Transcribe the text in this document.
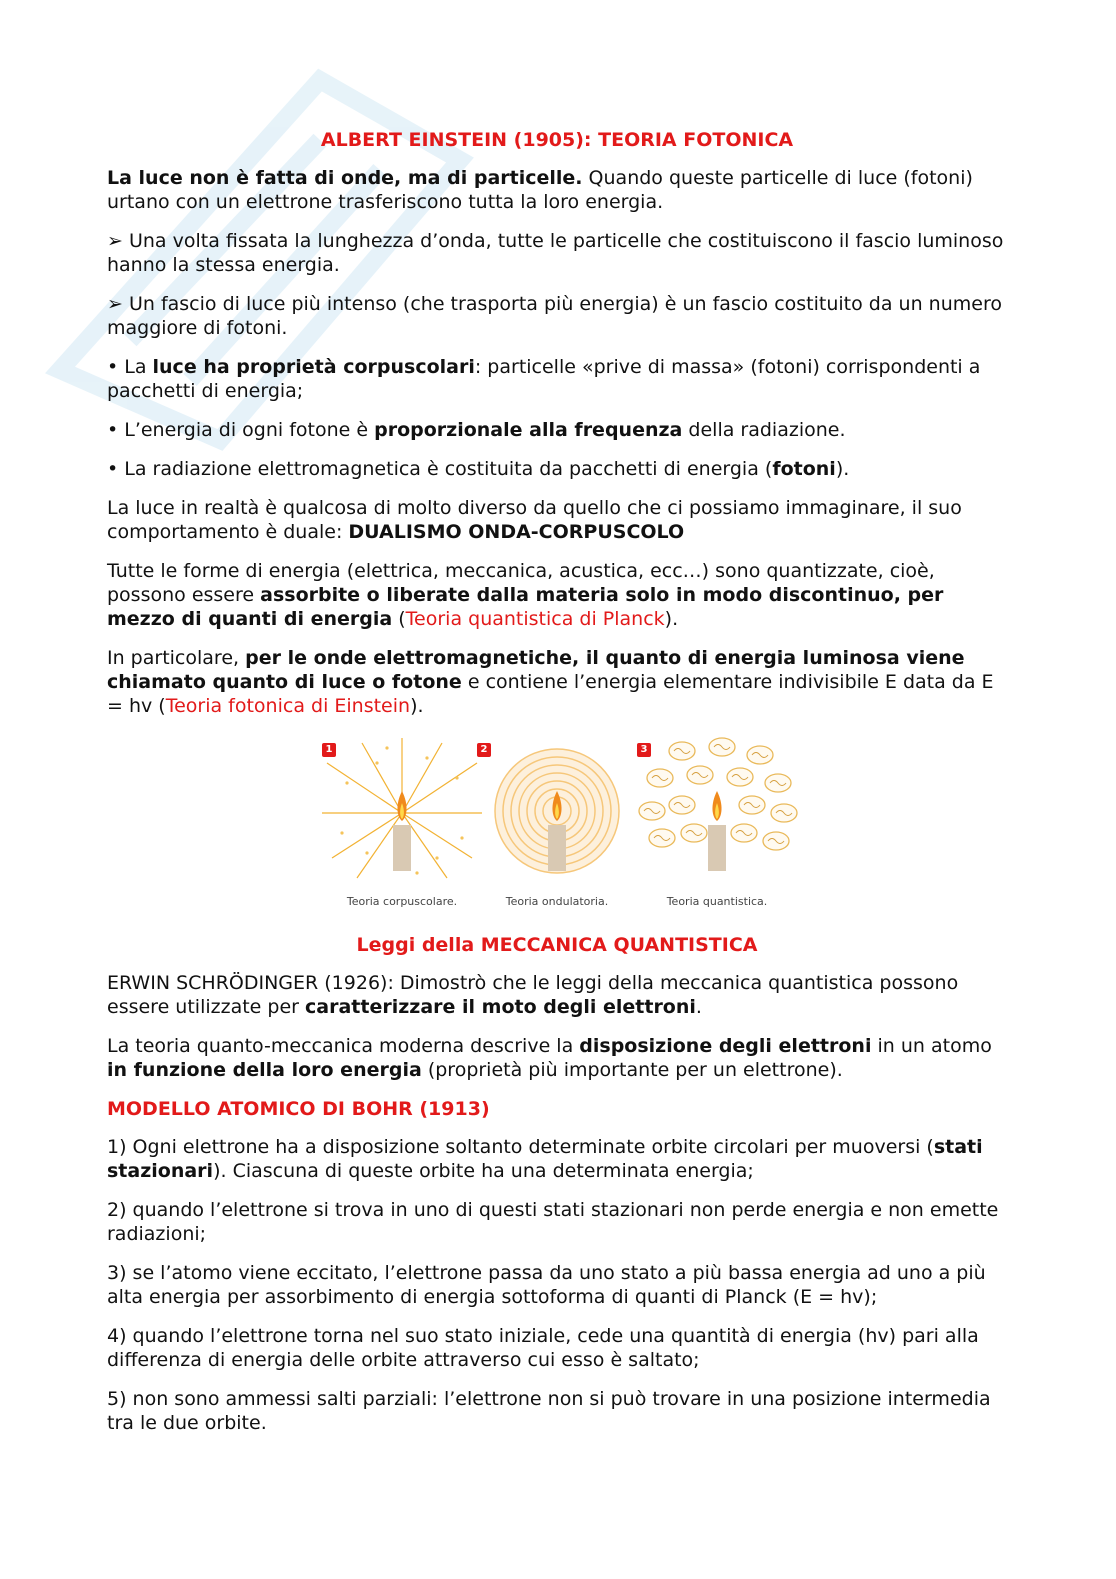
ALBERT EINSTEIN (1905): TEORIA FOTONICA

La luce non è fatta di onde, ma di particelle. Quando queste particelle di luce (fotoni) urtano con un elettrone trasferiscono tutta la loro energia.

➢ Una volta fissata la lunghezza d’onda, tutte le particelle che costituiscono il fascio luminoso hanno la stessa energia.

➢ Un fascio di luce più intenso (che trasporta più energia) è un fascio costituito da un numero maggiore di fotoni.

• La luce ha proprietà corpuscolari: particelle «prive di massa» (fotoni) corrispondenti a pacchetti di energia;

• L’energia di ogni fotone è proporzionale alla frequenza della radiazione.

• La radiazione elettromagnetica è costituita da pacchetti di energia (fotoni).

La luce in realtà è qualcosa di molto diverso da quello che ci possiamo immaginare, il suo comportamento è duale: DUALISMO ONDA-CORPUSCOLO

Tutte le forme di energia (elettrica, meccanica, acustica, ecc…) sono quantizzate, cioè, possono essere assorbite o liberate dalla materia solo in modo discontinuo, per mezzo di quanti di energia (Teoria quantistica di Planck).

In particolare, per le onde elettromagnetiche, il quanto di energia luminosa viene chiamato quanto di luce o fotone e contiene l’energia elementare indivisibile E data da E = hv (Teoria fotonica di Einstein).

1
Teoria corpuscolare.
2
Teoria ondulatoria.
3
Teoria quantistica.
Leggi della MECCANICA QUANTISTICA

ERWIN SCHRÖDINGER (1926): Dimostrò che le leggi della meccanica quantistica possono essere utilizzate per caratterizzare il moto degli elettroni.

La teoria quanto-meccanica moderna descrive la disposizione degli elettroni in un atomo in funzione della loro energia (proprietà più importante per un elettrone).

MODELLO ATOMICO DI BOHR (1913)

1) Ogni elettrone ha a disposizione soltanto determinate orbite circolari per muoversi (stati stazionari). Ciascuna di queste orbite ha una determinata energia;

2) quando l’elettrone si trova in uno di questi stati stazionari non perde energia e non emette radiazioni;

3) se l’atomo viene eccitato, l’elettrone passa da uno stato a più bassa energia ad uno a più alta energia per assorbimento di energia sottoforma di quanti di Planck (E = hv);

4) quando l’elettrone torna nel suo stato iniziale, cede una quantità di energia (hv) pari alla differenza di energia delle orbite attraverso cui esso è saltato;

5) non sono ammessi salti parziali: l’elettrone non si può trovare in una posizione intermedia tra le due orbite.
